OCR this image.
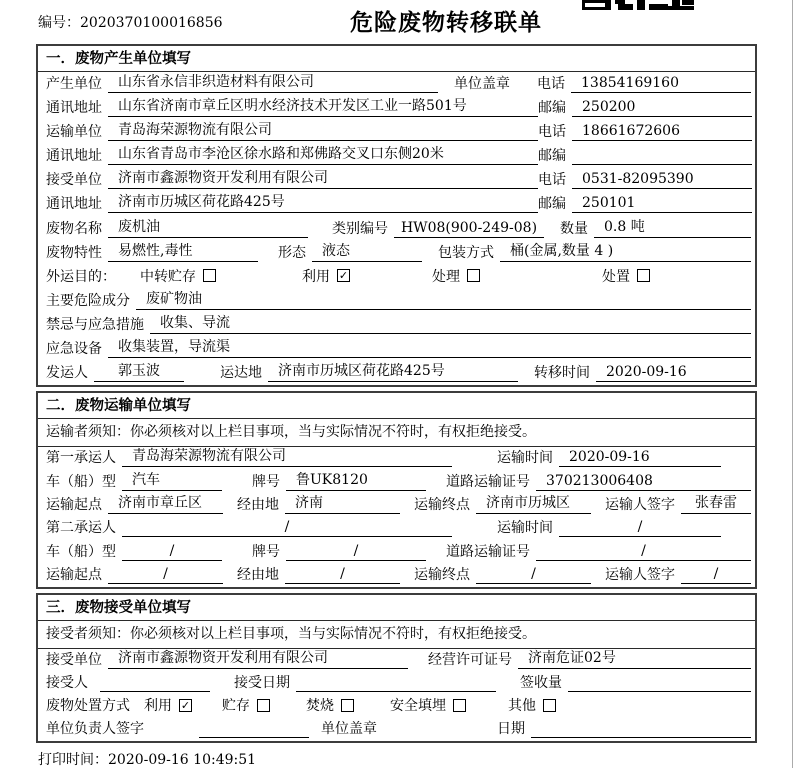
编号：2020370100016856	危险废物转移联单
一．废物产生单位填写
产生单位	山东省永信非织造材料有限公司	单位盖章 电话	13854169160
通讯地址	山东省济南市章丘区明水经济技术开发区工业一路501号	邮编	250200
运输单位	青岛海荣源物流有限公司	电话	18661672606
通讯地址	山东省青岛市李沧区徐水路和郑佛路交叉口东侧20米	邮编
接受单位	济南市鑫源物资开发利用有限公司	电话	0531-82095390
通讯地址	济南市历城区荷花路425号	邮编	250101
废物名称	废机油	类别编号 HW08(900-249-08)	数量	0.8 吨
废物特性	易燃性,毒性	形态	液态	包装方式	桶(金属,数量 4 )
外运目的： 中转贮存	利用 ✓	处理	处置
主要危险成分	废矿物油
禁忌与应急措施	收集、导流
应急设备	收集装置，导流渠
发运人	郭玉波	运达地	济南市历城区荷花路425号	转移时间	2020-09-16
二．废物运输单位填写
运输者须知：你必须核对以上栏目事项，当与实际情况不符时，有权拒绝接受。
第一承运人	青岛海荣源物流有限公司	运输时间	2020-09-16
车（船）型	汽车	牌号	鲁UK8120	道路运输证号	370213006408
运输起点	济南市章丘区	经由地	济南	运输终点	济南市历城区	运输人签字	张春雷
第二承运人	/	运输时间	/
车（船）型	/	牌号	/	道路运输证号	/
运输起点	/	经由地	/	运输终点	/	运输人签字	/
三．废物接受单位填写
接受者须知：你必须核对以上栏目事项，当与实际情况不符时，有权拒绝接受。
接受单位	济南市鑫源物资开发利用有限公司	经营许可证号	济南危证02号
接受人	接受日期	签收量
废物处置方式 利用 ✓ 贮存	焚烧	安全填埋	其他
单位负责人签字	单位盖章	日期
打印时间：2020-09-16 10:49:51
